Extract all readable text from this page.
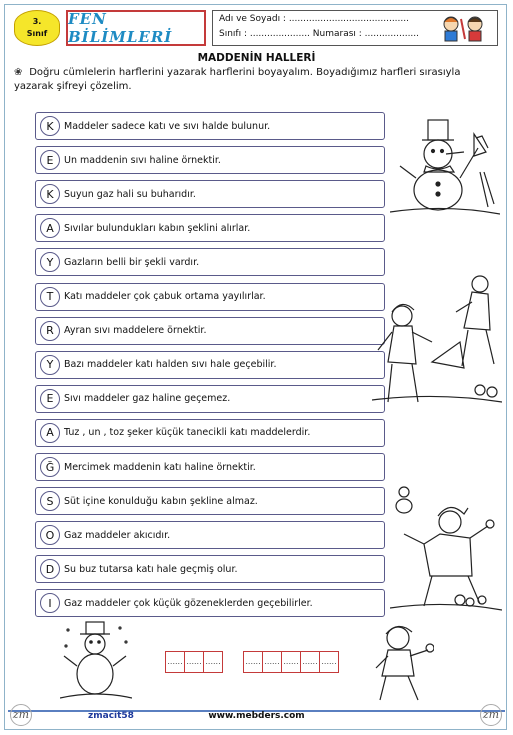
3.
Sınıf
FEN BİLİMLERİ
Adı ve Soyadı : ..........................................
Sınıfı : ..................... Numarası : ...................
MADDENİN HALLERİ
❀ Doğru cümlelerin harflerini yazarak harflerini boyayalım. Boyadığımız harfleri sırasıyla yazarak şifreyi çözelim.
K	Maddeler sadece katı ve sıvı halde bulunur.
E	Un maddenin sıvı haline örnektir.
K	Suyun gaz hali su buharıdır.
A	Sıvılar bulundukları kabın şeklini alırlar.
Y	Gazların belli bir şekli vardır.
T	Katı maddeler çok çabuk ortama yayılırlar.
R	Ayran sıvı maddelere örnektir.
Y	Bazı maddeler katı halden sıvı hale geçebilir.
E	Sıvı maddeler gaz haline geçemez.
A	Tuz , un , toz şeker küçük tanecikli katı maddelerdir.
Ğ	Mercimek maddenin katı haline örnektir.
S	Süt içine konulduğu kabın şekline almaz.
O	Gaz maddeler akıcıdır.
D	Su buz tutarsa katı hale geçmiş olur.
I	Gaz maddeler çok küçük gözeneklerden geçebilirler.
...... ...... ......	...... ...... ...... ...... ......
zm	zm
zmacit58	www.mebders.com
